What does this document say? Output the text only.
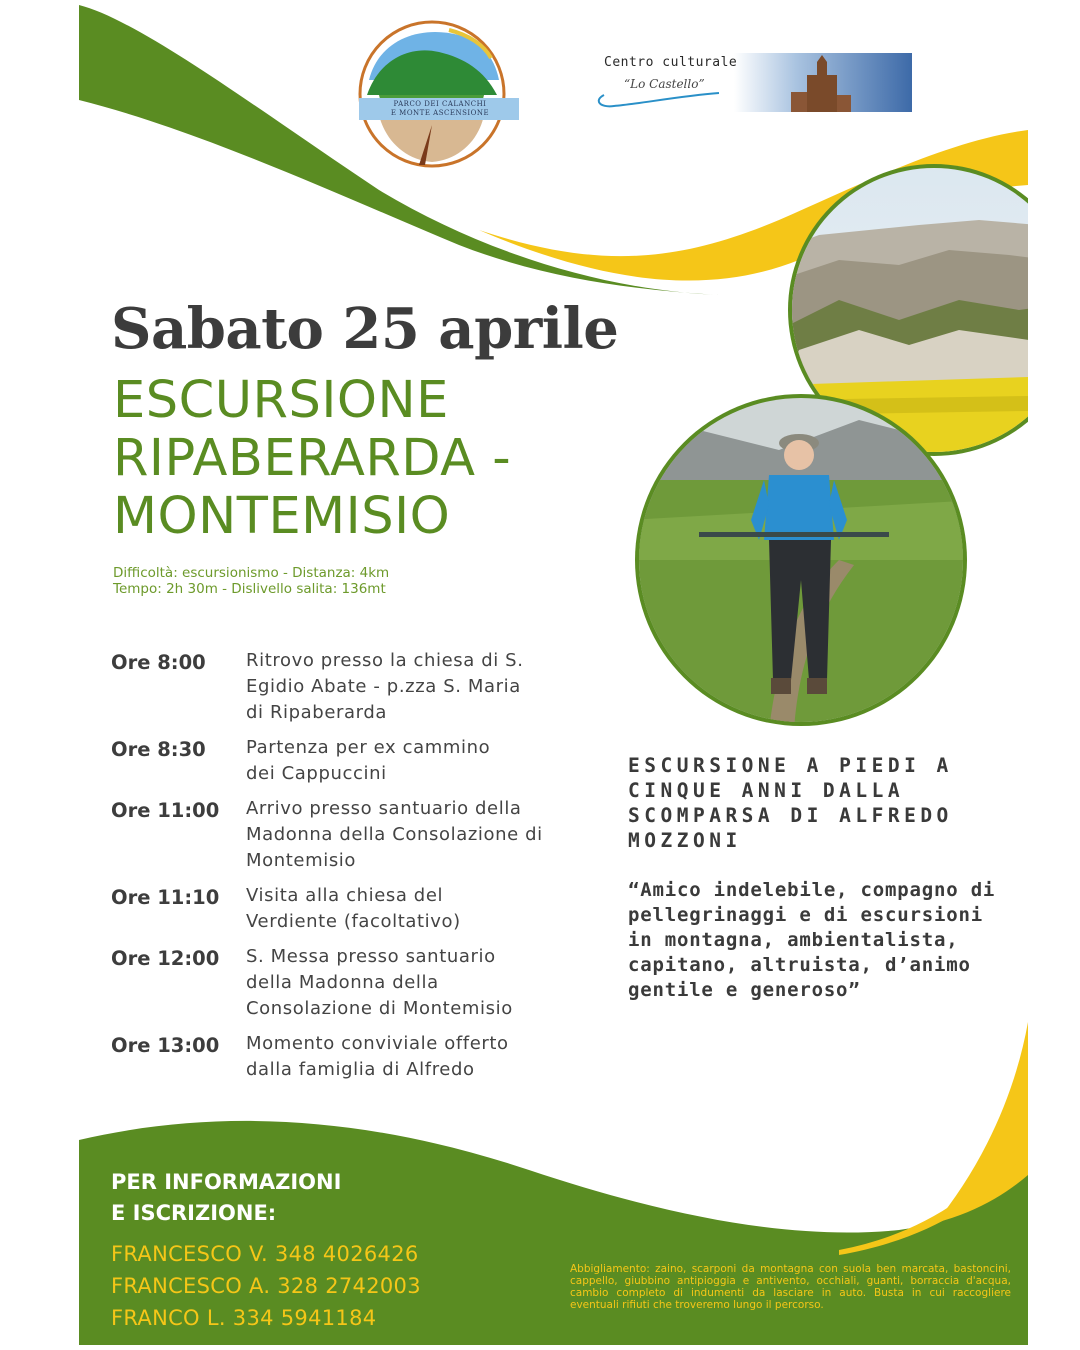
PARCO DEI CALANCHI
E MONTE ASCENSIONE
Centro culturale
“Lo Castello”
Sabato 25 aprile
ESCURSIONE
RIPABERARDA -
MONTEMISIO
Difficoltà: escursionismo - Distanza: 4km
Tempo: 2h 30m - Dislivello salita: 136mt
Ore 8:00	Ritrovo presso la chiesa di S. Egidio Abate - p.zza S. Maria di Ripaberarda
Ore 8:30	Partenza per ex cammino dei Cappuccini
Ore 11:00	Arrivo presso santuario della Madonna della Consolazione di Montemisio
Ore 11:10	Visita alla chiesa del Verdiente (facoltativo)
Ore 12:00	S. Messa presso santuario della Madonna della Consolazione di Montemisio
Ore 13:00	Momento conviviale offerto dalla famiglia di Alfredo
ESCURSIONE A PIEDI A CINQUE ANNI DALLA SCOMPARSA DI ALFREDO MOZZONI
“Amico indelebile, compagno di pellegrinaggi e di escursioni in montagna, ambientalista, capitano, altruista, d’animo gentile e generoso”
PER INFORMAZIONI
E ISCRIZIONE:
FRANCESCO V. 348 4026426
FRANCESCO A. 328 2742003
FRANCO L. 334 5941184
Abbigliamento: zaino, scarponi da montagna con suola ben marcata, bastoncini, cappello, giubbino antipioggia e antivento, occhiali, guanti, borraccia d'acqua, cambio completo di indumenti da lasciare in auto. Busta in cui raccogliere eventuali rifiuti che troveremo lungo il percorso.
